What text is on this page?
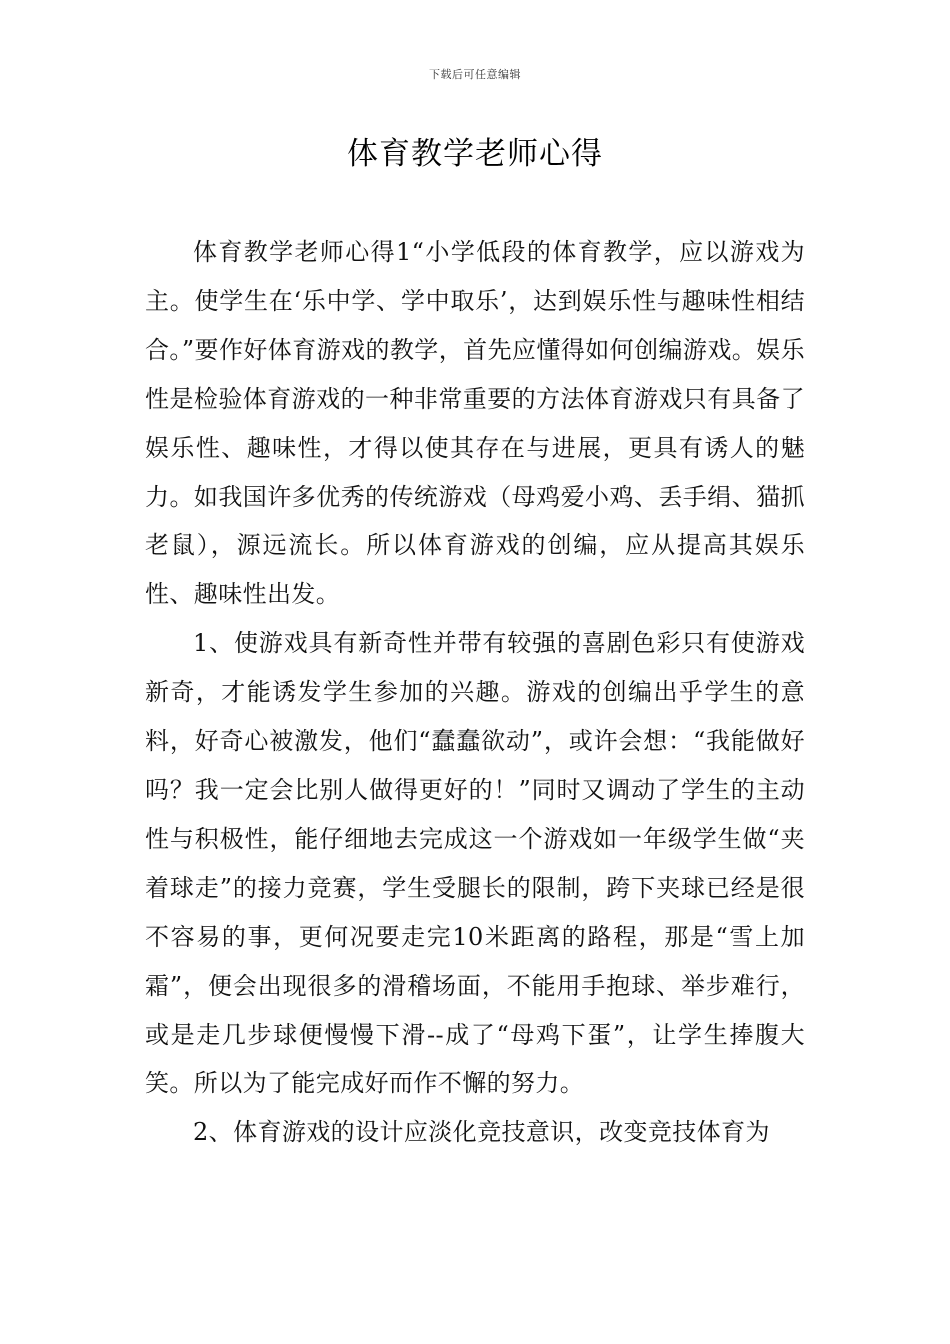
下载后可任意编辑
体育教学老师心得

体育教学老师心得1“小学低段的体育教学，应以游戏为主。使学生在‘乐中学、学中取乐’，达到娱乐性与趣味性相结合。”要作好体育游戏的教学，首先应懂得如何创编游戏。娱乐性是检验体育游戏的一种非常重要的方法体育游戏只有具备了娱乐性、趣味性，才得以使其存在与进展，更具有诱人的魅力。如我国许多优秀的传统游戏（母鸡爱小鸡、丢手绢、猫抓老鼠），源远流长。所以体育游戏的创编，应从提高其娱乐性、趣味性出发。

1、使游戏具有新奇性并带有较强的喜剧色彩只有使游戏新奇，才能诱发学生参加的兴趣。游戏的创编出乎学生的意料，好奇心被激发，他们“蠢蠢欲动”，或许会想：“我能做好吗？我一定会比别人做得更好的！”同时又调动了学生的主动性与积极性，能仔细地去完成这一个游戏如一年级学生做“夹着球走”的接力竞赛，学生受腿长的限制，跨下夹球已经是很不容易的事，更何况要走完10米距离的路程，那是“雪上加霜”，便会出现很多的滑稽场面，不能用手抱球、举步难行，或是走几步球便慢慢下滑--成了“母鸡下蛋”，让学生捧腹大笑。所以为了能完成好而作不懈的努力。

2、体育游戏的设计应淡化竞技意识，改变竞技体育为
